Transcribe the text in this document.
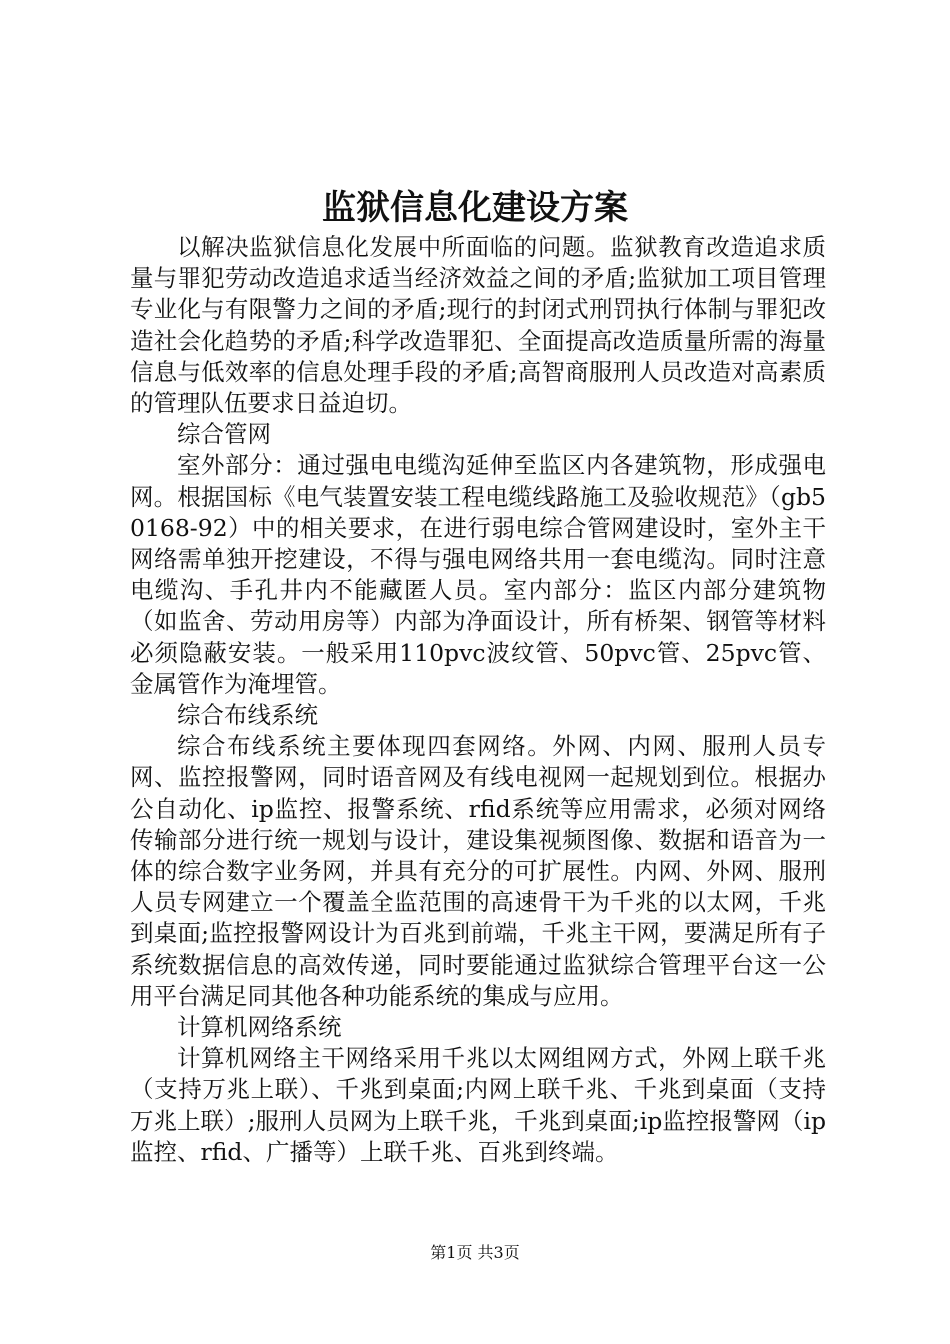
监狱信息化建设方案

以解决监狱信息化发展中所面临的问题。监狱教育改造追求质量与罪犯劳动改造追求适当经济效益之间的矛盾;监狱加工项目管理专业化与有限警力之间的矛盾;现行的封闭式刑罚执行体制与罪犯改造社会化趋势的矛盾;科学改造罪犯、全面提高改造质量所需的海量信息与低效率的信息处理手段的矛盾;高智商服刑人员改造对高素质的管理队伍要求日益迫切。

综合管网

室外部分：通过强电电缆沟延伸至监区内各建筑物，形成强电网。根据国标《电气装置安装工程电缆线路施工及验收规范》（gb50168-92）中的相关要求，在进行弱电综合管网建设时，室外主干网络需单独开挖建设，不得与强电网络共用一套电缆沟。同时注意电缆沟、手孔井内不能藏匿人员。室内部分：监区内部分建筑物（如监舍、劳动用房等）内部为净面设计，所有桥架、钢管等材料必须隐蔽安装。一般采用110pvc波纹管、50pvc管、25pvc管、金属管作为淹埋管。

综合布线系统

综合布线系统主要体现四套网络。外网、内网、服刑人员专网、监控报警网，同时语音网及有线电视网一起规划到位。根据办公自动化、ip监控、报警系统、rfid系统等应用需求，必须对网络传输部分进行统一规划与设计，建设集视频图像、数据和语音为一体的综合数字业务网，并具有充分的可扩展性。内网、外网、服刑人员专网建立一个覆盖全监范围的高速骨干为千兆的以太网，千兆到桌面;监控报警网设计为百兆到前端，千兆主干网，要满足所有子系统数据信息的高效传递，同时要能通过监狱综合管理平台这一公用平台满足同其他各种功能系统的集成与应用。

计算机网络系统

计算机网络主干网络采用千兆以太网组网方式，外网上联千兆（支持万兆上联）、千兆到桌面;内网上联千兆、千兆到桌面（支持万兆上联）;服刑人员网为上联千兆，千兆到桌面;ip监控报警网（ip监控、rfid、广播等）上联千兆、百兆到终端。

第1页 共3页
